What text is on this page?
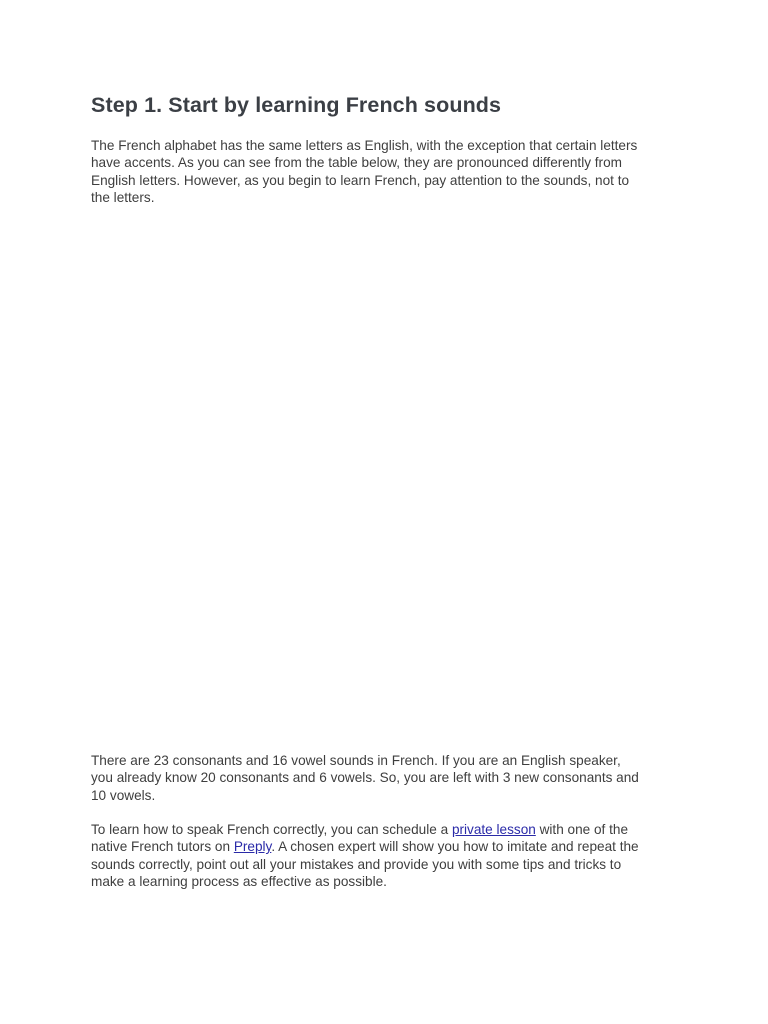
Step 1. Start by learning French sounds

The French alphabet has the same letters as English, with the exception that certain letters
have accents. As you can see from the table below, they are pronounced differently from
English letters. However, as you begin to learn French, pay attention to the sounds, not to
the letters.

There are 23 consonants and 16 vowel sounds in French. If you are an English speaker,
you already know 20 consonants and 6 vowels. So, you are left with 3 new consonants and
10 vowels.

To learn how to speak French correctly, you can schedule a private lesson with one of the
native French tutors on Preply. A chosen expert will show you how to imitate and repeat the
sounds correctly, point out all your mistakes and provide you with some tips and tricks to
make a learning process as effective as possible.
